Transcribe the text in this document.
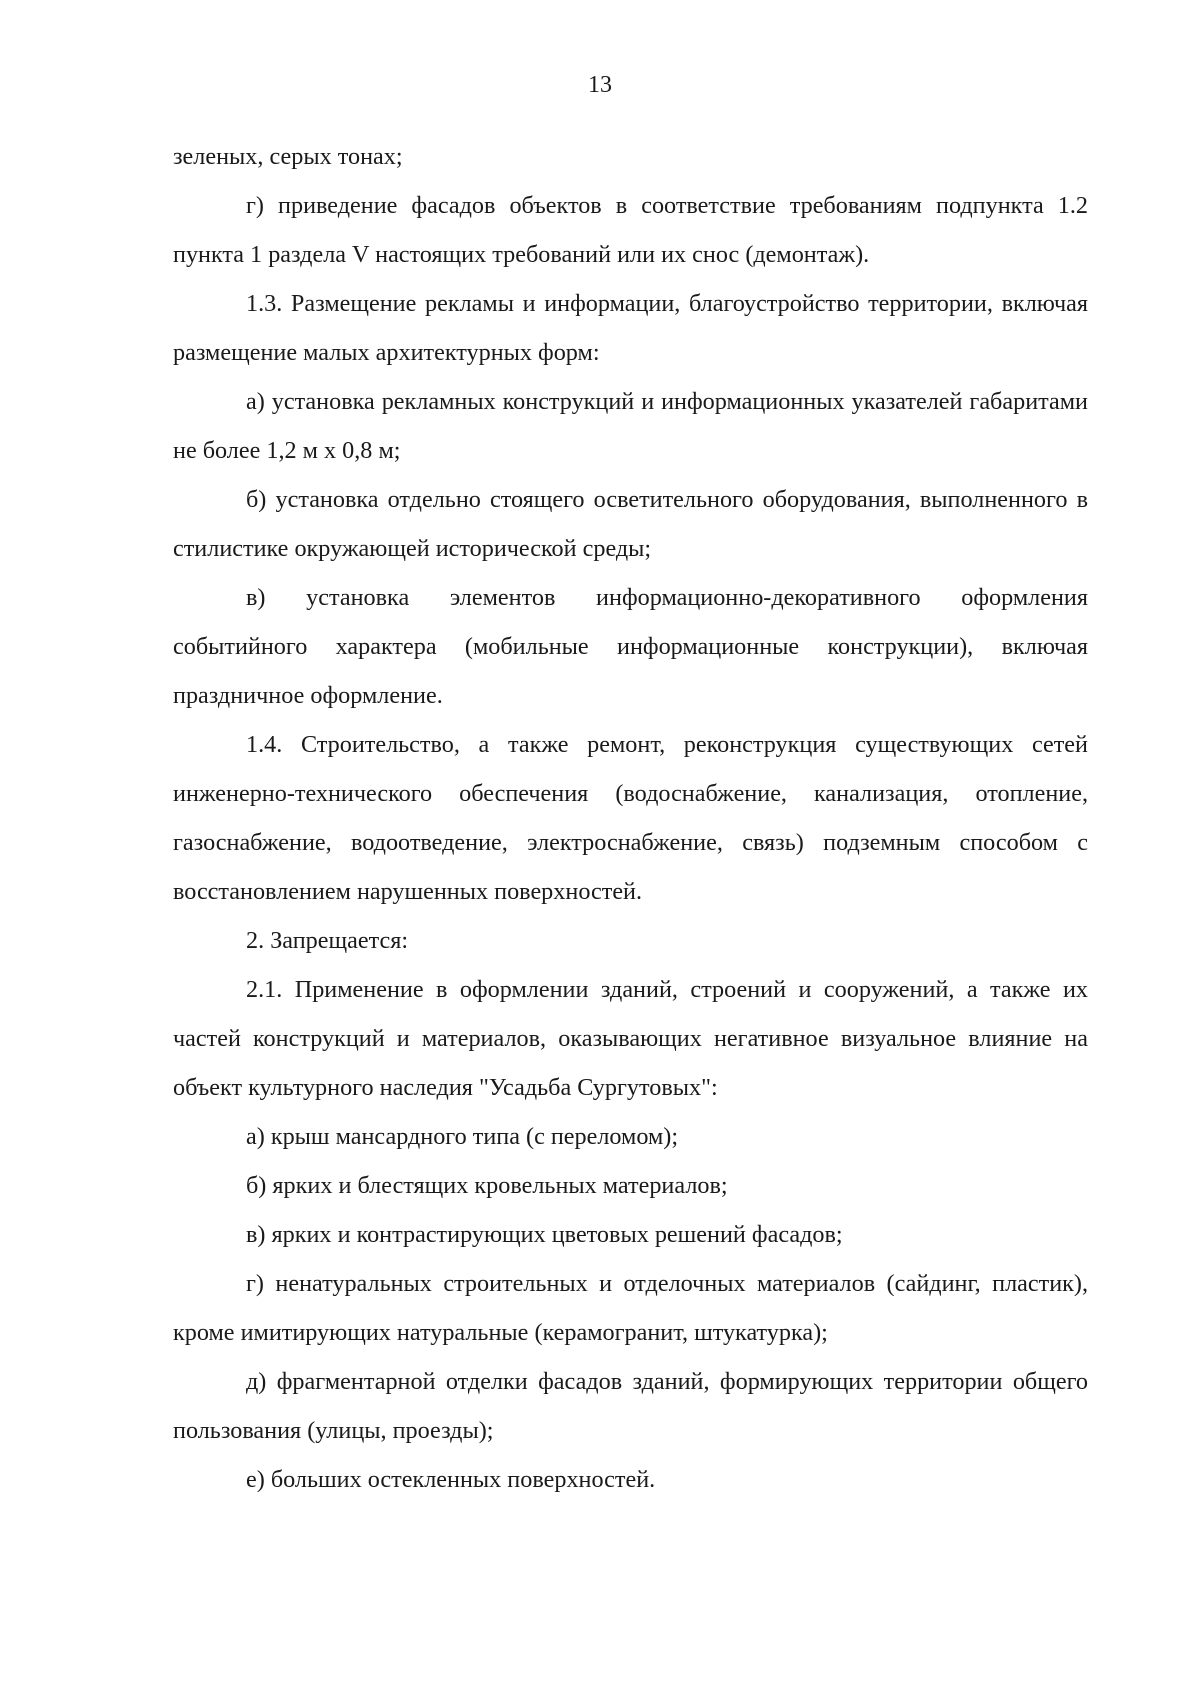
13

зеленых, серых тонах;

г) приведение фасадов объектов в соответствие требованиям подпункта 1.2 пункта 1 раздела V настоящих требований или их снос (демонтаж).

1.3. Размещение рекламы и информации, благоустройство территории, включая размещение малых архитектурных форм:

а) установка рекламных конструкций и информационных указателей габаритами не более 1,2 м x 0,8 м;

б) установка отдельно стоящего осветительного оборудования, выполненного в стилистике окружающей исторической среды;

в) установка элементов информационно-декоративного оформления событийного характера (мобильные информационные конструкции), включая праздничное оформление.

1.4. Строительство, а также ремонт, реконструкция существующих сетей инженерно-технического обеспечения (водоснабжение, канализация, отопление, газоснабжение, водоотведение, электроснабжение, связь) подземным способом с восстановлением нарушенных поверхностей.

2. Запрещается:

2.1. Применение в оформлении зданий, строений и сооружений, а также их частей конструкций и материалов, оказывающих негативное визуальное влияние на объект культурного наследия "Усадьба Сургутовых":

а) крыш мансардного типа (с переломом);

б) ярких и блестящих кровельных материалов;

в) ярких и контрастирующих цветовых решений фасадов;

г) ненатуральных строительных и отделочных материалов (сайдинг, пластик), кроме имитирующих натуральные (керамогранит, штукатурка);

д) фрагментарной отделки фасадов зданий, формирующих территории общего пользования (улицы, проезды);

е) больших остекленных поверхностей.
